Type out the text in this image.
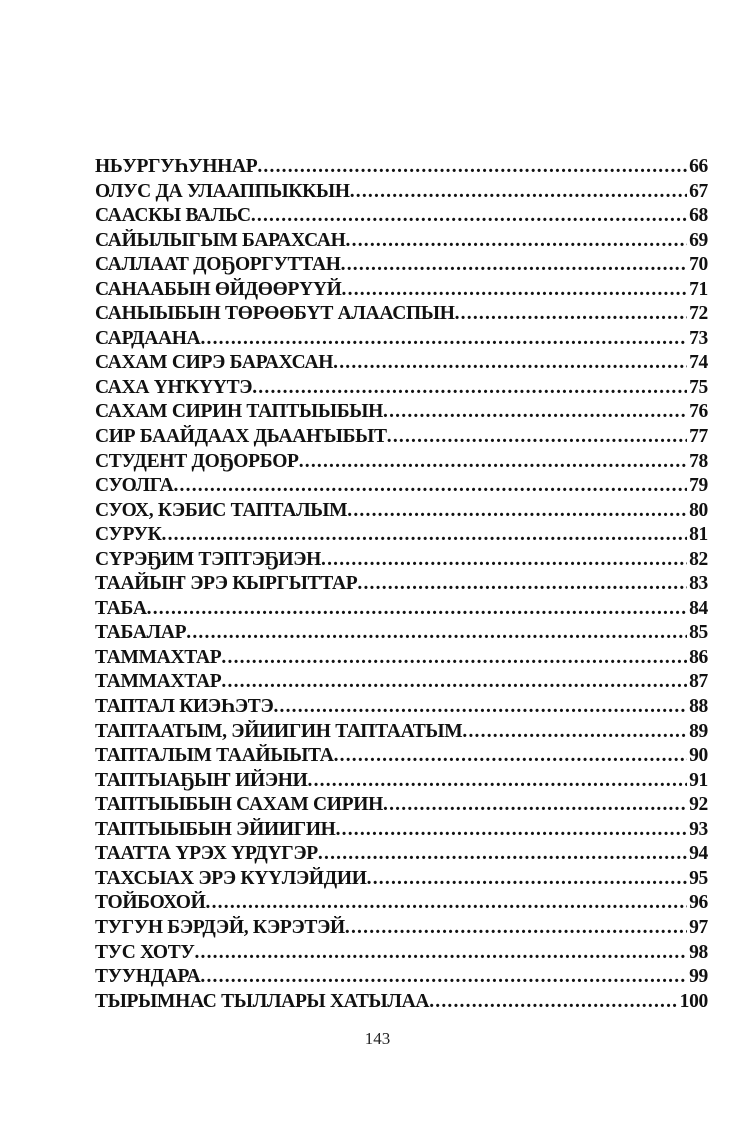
НЬУРГУҺУННАР .....	66
ОЛУС ДА УЛААППЫККЫН .....	67
СААСКЫ ВАЛЬС .....	68
САЙЫЛЫГЫМ БАРАХСАН .....	69
САЛЛААТ ДОҔОРГУТТАН .....	70
САНААБЫН ӨЙДӨӨРҮҮЙ .....	71
САНЫЫБЫН ТӨРӨӨБҮТ АЛААСПЫН .....	72
САРДААНА .....	73
САХАМ СИРЭ БАРАХСАН .....	74
САХА ҮҤКҮҮТЭ .....	75
САХАМ СИРИН ТАПТЫЫБЫН .....	76
СИР БААЙДААХ ДЬААҤЫБЫТ .....	77
СТУДЕНТ ДОҔОРБОР .....	78
СУОЛГА .....	79
СУОХ, КЭБИС ТАПТАЛЫМ .....	80
СУРУК .....	81
СҮРЭҔИМ ТЭПТЭҔИЭН .....	82
ТААЙЫҤ ЭРЭ КЫРГЫТТАР .....	83
ТАБА .....	84
ТАБАЛАР .....	85
ТАММАХТАР .....	86
ТАММАХТАР .....	87
ТАПТАЛ КИЭҺЭТЭ .....	88
ТАПТААТЫМ, ЭЙИИГИН ТАПТААТЫМ .....	89
ТАПТАЛЫМ ТААЙЫЫТА .....	90
ТАПТЫАҔЫҤ ИЙЭНИ .....	91
ТАПТЫЫБЫН САХАМ СИРИН .....	92
ТАПТЫЫБЫН ЭЙИИГИН .....	93
ТААТТА ҮРЭХ ҮРДҮГЭР .....	94
ТАХСЫАХ ЭРЭ КҮҮЛЭЙДИИ .....	95
ТОЙБОХОЙ .....	96
ТУГУН БЭРДЭЙ, КЭРЭТЭЙ .....	97
ТУС ХОТУ .....	98
ТУУНДАРА .....	99
ТЫРЫМНАС ТЫЛЛАРЫ ХАТЫЛАА .....	100
143
